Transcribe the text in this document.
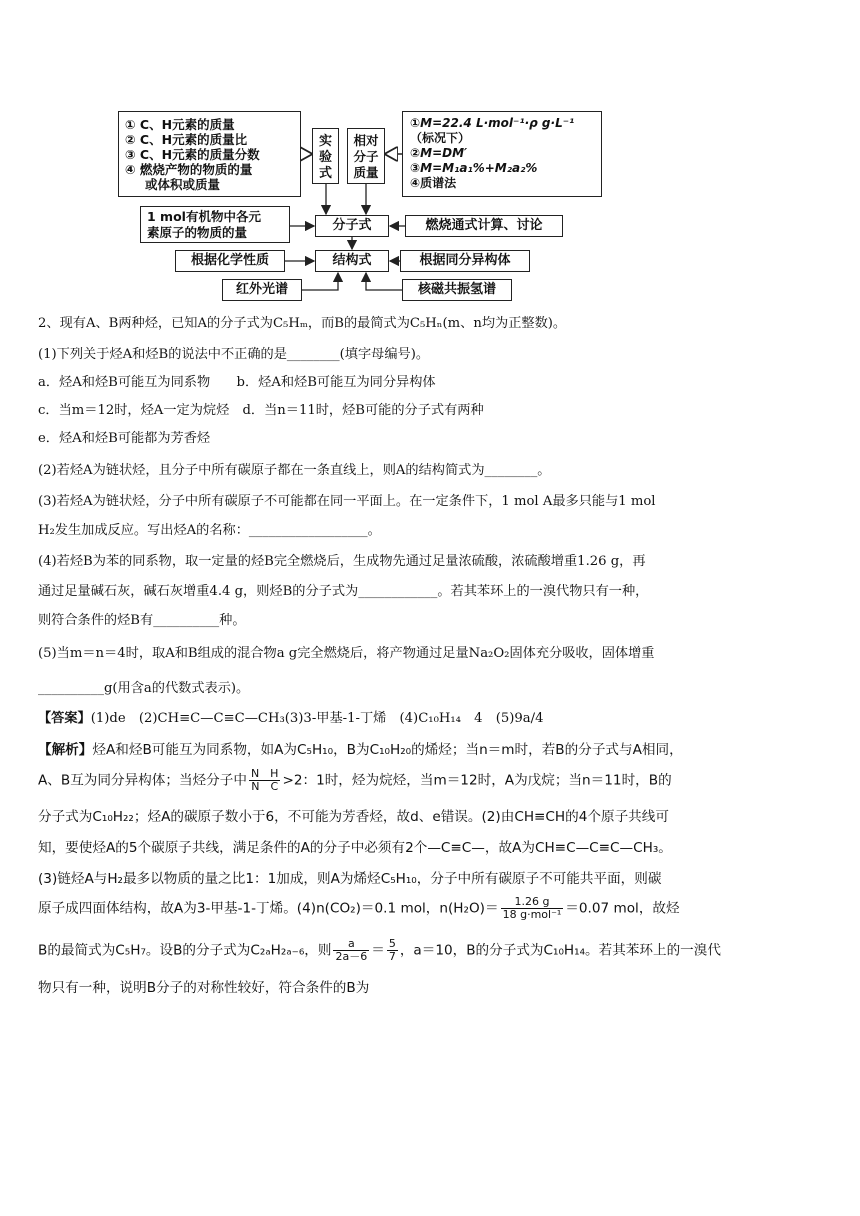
① C、H元素的质量
② C、H元素的质量比
③ C、H元素的质量分数
④ 燃烧产物的物质的量
或体积或质量
实
验
式
相对
分子
质量
①M=22.4 L·mol⁻¹·ρ g·L⁻¹
（标况下）
②M=DM′
③M=M₁a₁%+M₂a₂%
④质谱法
1 mol有机物中各元
素原子的物质的量	分子式	燃烧通式计算、讨论
根据化学性质	结构式	根据同分异构体
红外光谱	核磁共振氢谱
2、现有A、B两种烃，已知A的分子式为C₅Hₘ，而B的最简式为C₅Hₙ(m、n均为正整数)。
(1)下列关于烃A和烃B的说法中不正确的是________(填字母编号)。
a．烃A和烃B可能互为同系物　　b．烃A和烃B可能互为同分异构体
c．当m＝12时，烃A一定为烷烃　d．当n＝11时，烃B可能的分子式有两种
e．烃A和烃B可能都为芳香烃
(2)若烃A为链状烃，且分子中所有碳原子都在一条直线上，则A的结构简式为________。
(3)若烃A为链状烃，分子中所有碳原子不可能都在同一平面上。在一定条件下，1 mol A最多只能与1 mol
H₂发生加成反应。写出烃A的名称：__________________。
(4)若烃B为苯的同系物，取一定量的烃B完全燃烧后，生成物先通过足量浓硫酸，浓硫酸增重1.26 g，再
通过足量碱石灰，碱石灰增重4.4 g，则烃B的分子式为____________。若其苯环上的一溴代物只有一种，
则符合条件的烃B有__________种。
(5)当m＝n＝4时，取A和B组成的混合物a g完全燃烧后，将产物通过足量Na₂O₂固体充分吸收，固体增重
__________g(用含a的代数式表示)。
【答案】(1)de　(2)CH≡C—C≡C—CH₃(3)3-甲基-1-丁烯　(4)C₁₀H₁₄　4　(5)9a/4
【解析】烃A和烃B可能互为同系物，如A为C₅H₁₀，B为C₁₀H₂₀的烯烃；当n＝m时，若B的分子式与A相同，
A、B互为同分异构体；当烃分子中 $\frac{\text{N　H}}{\text{N　C}} >2$：1时，烃为烷烃，当m＝12时，A为戊烷；当n＝11时，B的
分子式为C₁₀H₂₂；烃A的碳原子数小于6，不可能为芳香烃，故d、e错误。(2)由CH≡CH的4个原子共线可
知，要使烃A的5个碳原子共线，满足条件的A的分子中必须有2个—C≡C—，故A为CH≡C—C≡C—CH₃。
(3)链烃A与H₂最多以物质的量之比1：1加成，则A为烯烃C₅H₁₀，分子中所有碳原子不可能共平面，则碳
原子成四面体结构，故A为3-甲基-1-丁烯。(4)n(CO₂)＝0.1 mol，$n(H_2O)= \frac{1.26 g}{\text{18 g·mol⁻¹}} =0.07$ mol，故烃
B的最简式为C₅H₇。设B的分子式为C₂ₐH₂ₐ₋₆，则 $\frac{a}{2a-6} = \frac{5}{7}$ ，a＝10，B的分子式为C₁₀H₁₄。若其苯环上的一溴代
物只有一种，说明B分子的对称性较好，符合条件的B为
